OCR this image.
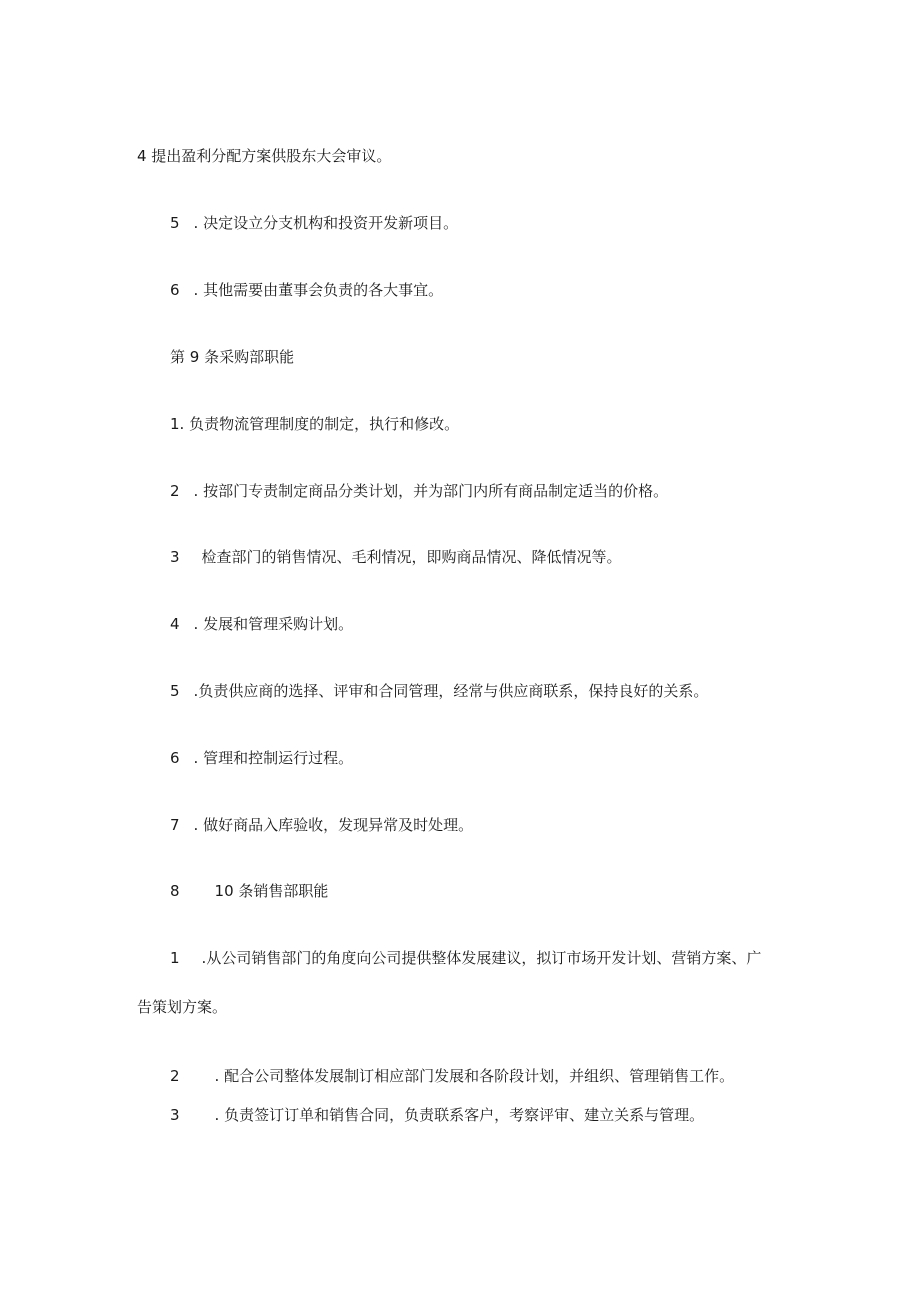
4 提出盈利分配方案供股东大会审议。
5 . 决定设立分支机构和投资开发新项目。
6 . 其他需要由董事会负责的各大事宜。
第 9 条采购部职能
1. 负责物流管理制度的制定，执行和修改。
2 . 按部门专责制定商品分类计划，并为部门内所有商品制定适当的价格。
3 检查部门的销售情况、毛利情况，即购商品情况、降低情况等。
4 . 发展和管理采购计划。
5 .负责供应商的选择、评审和合同管理，经常与供应商联系，保持良好的关系。
6 . 管理和控制运行过程。
7 . 做好商品入库验收，发现异常及时处理。
8 10 条销售部职能
1 .从公司销售部门的角度向公司提供整体发展建议，拟订市场开发计划、营销方案、广
告策划方案。
2 . 配合公司整体发展制订相应部门发展和各阶段计划，并组织、管理销售工作。
3 . 负责签订订单和销售合同，负责联系客户，考察评审、建立关系与管理。
